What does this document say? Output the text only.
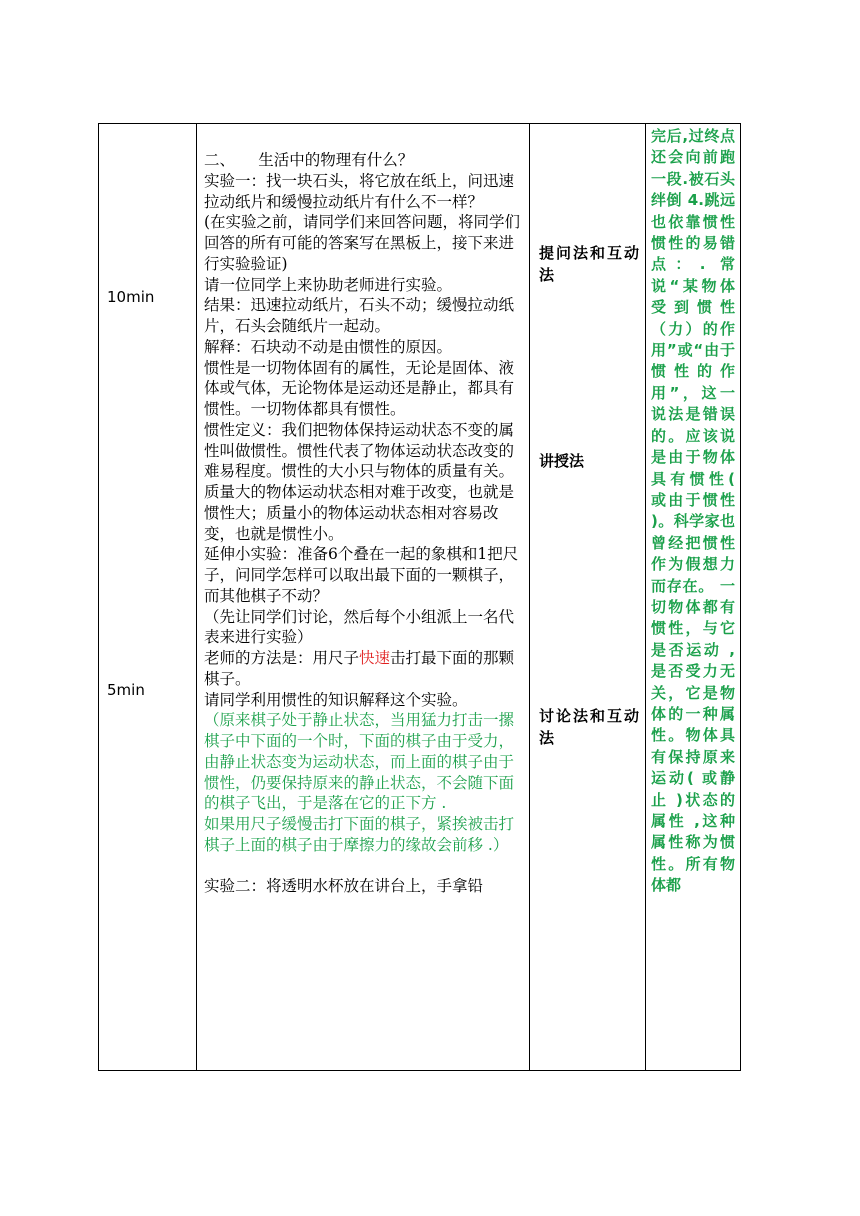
10min
5min

二、　　生活中的物理有什么？

实验一：找一块石头，将它放在纸上，问迅速拉动纸片和缓慢拉动纸片有什么不一样？

(在实验之前，请同学们来回答问题，将同学们回答的所有可能的答案写在黑板上，接下来进行实验验证)

请一位同学上来协助老师进行实验。

结果：迅速拉动纸片，石头不动；缓慢拉动纸片，石头会随纸片一起动。

解释：石块动不动是由惯性的原因。

惯性是一切物体固有的属性，无论是固体、液体或气体，无论物体是运动还是静止，都具有惯性。一切物体都具有惯性。

惯性定义：我们把物体保持运动状态不变的属性叫做惯性。惯性代表了物体运动状态改变的难易程度。惯性的大小只与物体的质量有关。质量大的物体运动状态相对难于改变，也就是惯性大；质量小的物体运动状态相对容易改变，也就是惯性小。

延伸小实验：准备6个叠在一起的象棋和1把尺子，问同学怎样可以取出最下面的一颗棋子，而其他棋子不动？

（先让同学们讨论，然后每个小组派上一名代表来进行实验）

老师的方法是：用尺子快速击打最下面的那颗棋子。

请同学利用惯性的知识解释这个实验。

（原来棋子处于静止状态，当用猛力打击一摞棋子中下面的一个时，下面的棋子由于受力，由静止状态变为运动状态，而上面的棋子由于惯性，仍要保持原来的静止状态，不会随下面的棋子飞出，于是落在它的正下方 .

如果用尺子缓慢击打下面的棋子，紧挨被击打棋子上面的棋子由于摩擦力的缘故会前移 .）

实验二：将透明水杯放在讲台上，手拿铅

提问法和互动法
讲授法
讨论法和互动法
完后,过终点还会向前跑一段.被石头绊倒 4.跳远也依靠惯性 惯性的易错点：. 常说“某物体受到惯性（力）的作用”或“由于惯性的作用”，这一说法是错误的。应该说是由于物体具有惯性( 或由于惯性 )。科学家也曾经把惯性作为假想力而存在。 一切物体都有惯性，与它是否运动 ,是否受力无关，它是物体的一种属性。物体具有保持原来运动( 或静止 )状态的属性 ,这种属性称为惯性。所有物体都
